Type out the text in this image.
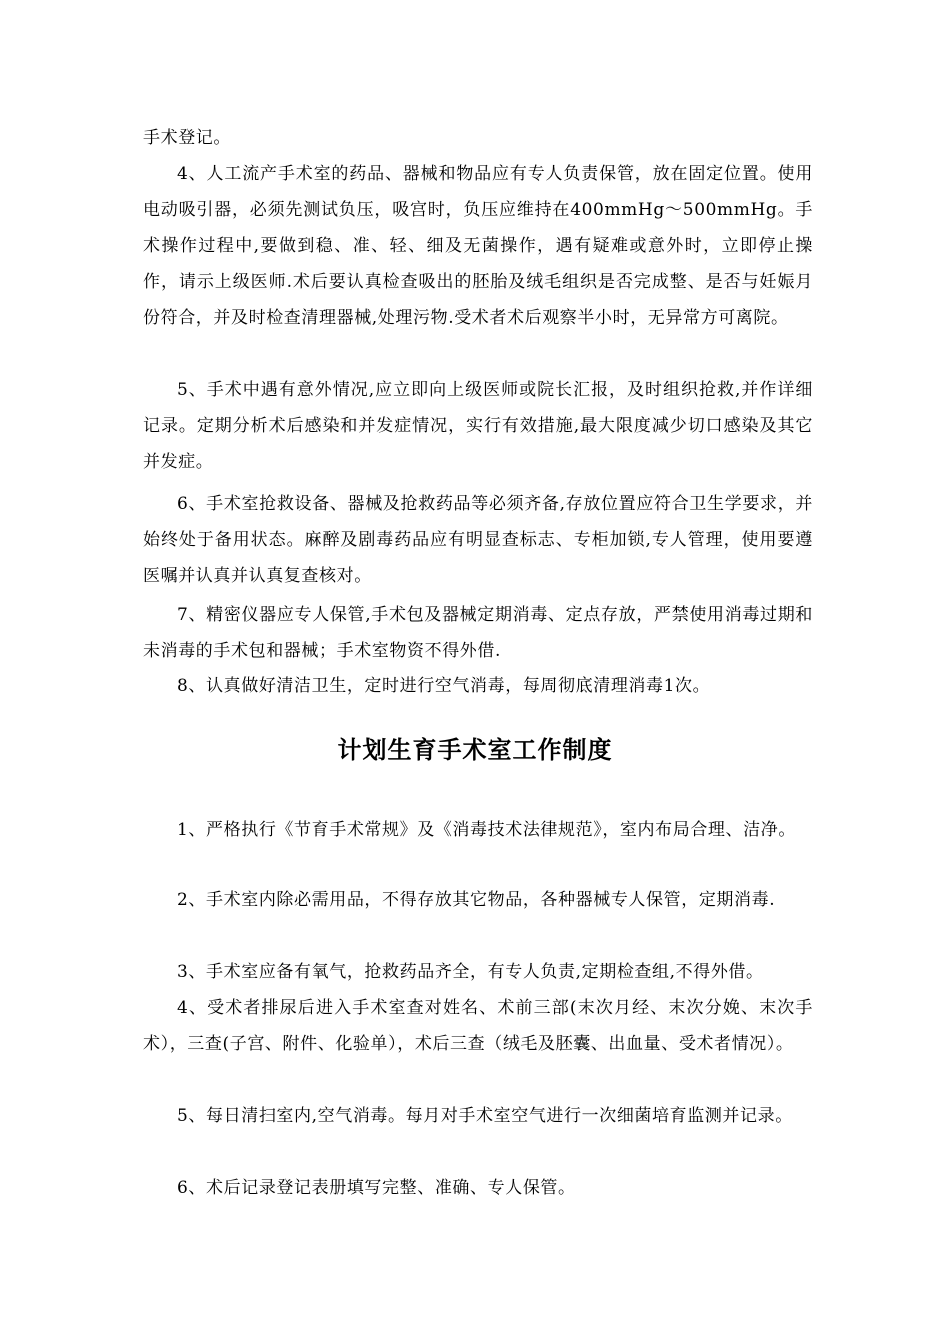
手术登记。
4、人工流产手术室的药品、器械和物品应有专人负责保管，放在固定位置。使用电动吸引器，必须先测试负压，吸宫时，负压应维持在400mmHg～500mmHg。手术操作过程中,要做到稳、准、轻、细及无菌操作，遇有疑难或意外时，立即停止操作，请示上级医师.术后要认真检查吸出的胚胎及绒毛组织是否完成整、是否与妊娠月份符合，并及时检查清理器械,处理污物.受术者术后观察半小时，无异常方可离院。
5、手术中遇有意外情况,应立即向上级医师或院长汇报，及时组织抢救,并作详细记录。定期分析术后感染和并发症情况，实行有效措施,最大限度减少切口感染及其它并发症。
6、手术室抢救设备、器械及抢救药品等必须齐备,存放位置应符合卫生学要求，并始终处于备用状态。麻醉及剧毒药品应有明显查标志、专柜加锁,专人管理，使用要遵医嘱并认真并认真复查核对。
7、精密仪器应专人保管,手术包及器械定期消毒、定点存放，严禁使用消毒过期和未消毒的手术包和器械；手术室物资不得外借.
8、认真做好清洁卫生，定时进行空气消毒，每周彻底清理消毒1次。
计划生育手术室工作制度
1、严格执行《节育手术常规》及《消毒技术法律规范》，室内布局合理、洁净。
2、手术室内除必需用品，不得存放其它物品，各种器械专人保管，定期消毒.
3、手术室应备有氧气，抢救药品齐全，有专人负责,定期检查组,不得外借。
4、受术者排尿后进入手术室查对姓名、术前三部(末次月经、末次分娩、末次手术），三查(子宫、附件、化验单），术后三查（绒毛及胚囊、出血量、受术者情况）。
5、每日清扫室内,空气消毒。每月对手术室空气进行一次细菌培育监测并记录。
6、术后记录登记表册填写完整、准确、专人保管。
